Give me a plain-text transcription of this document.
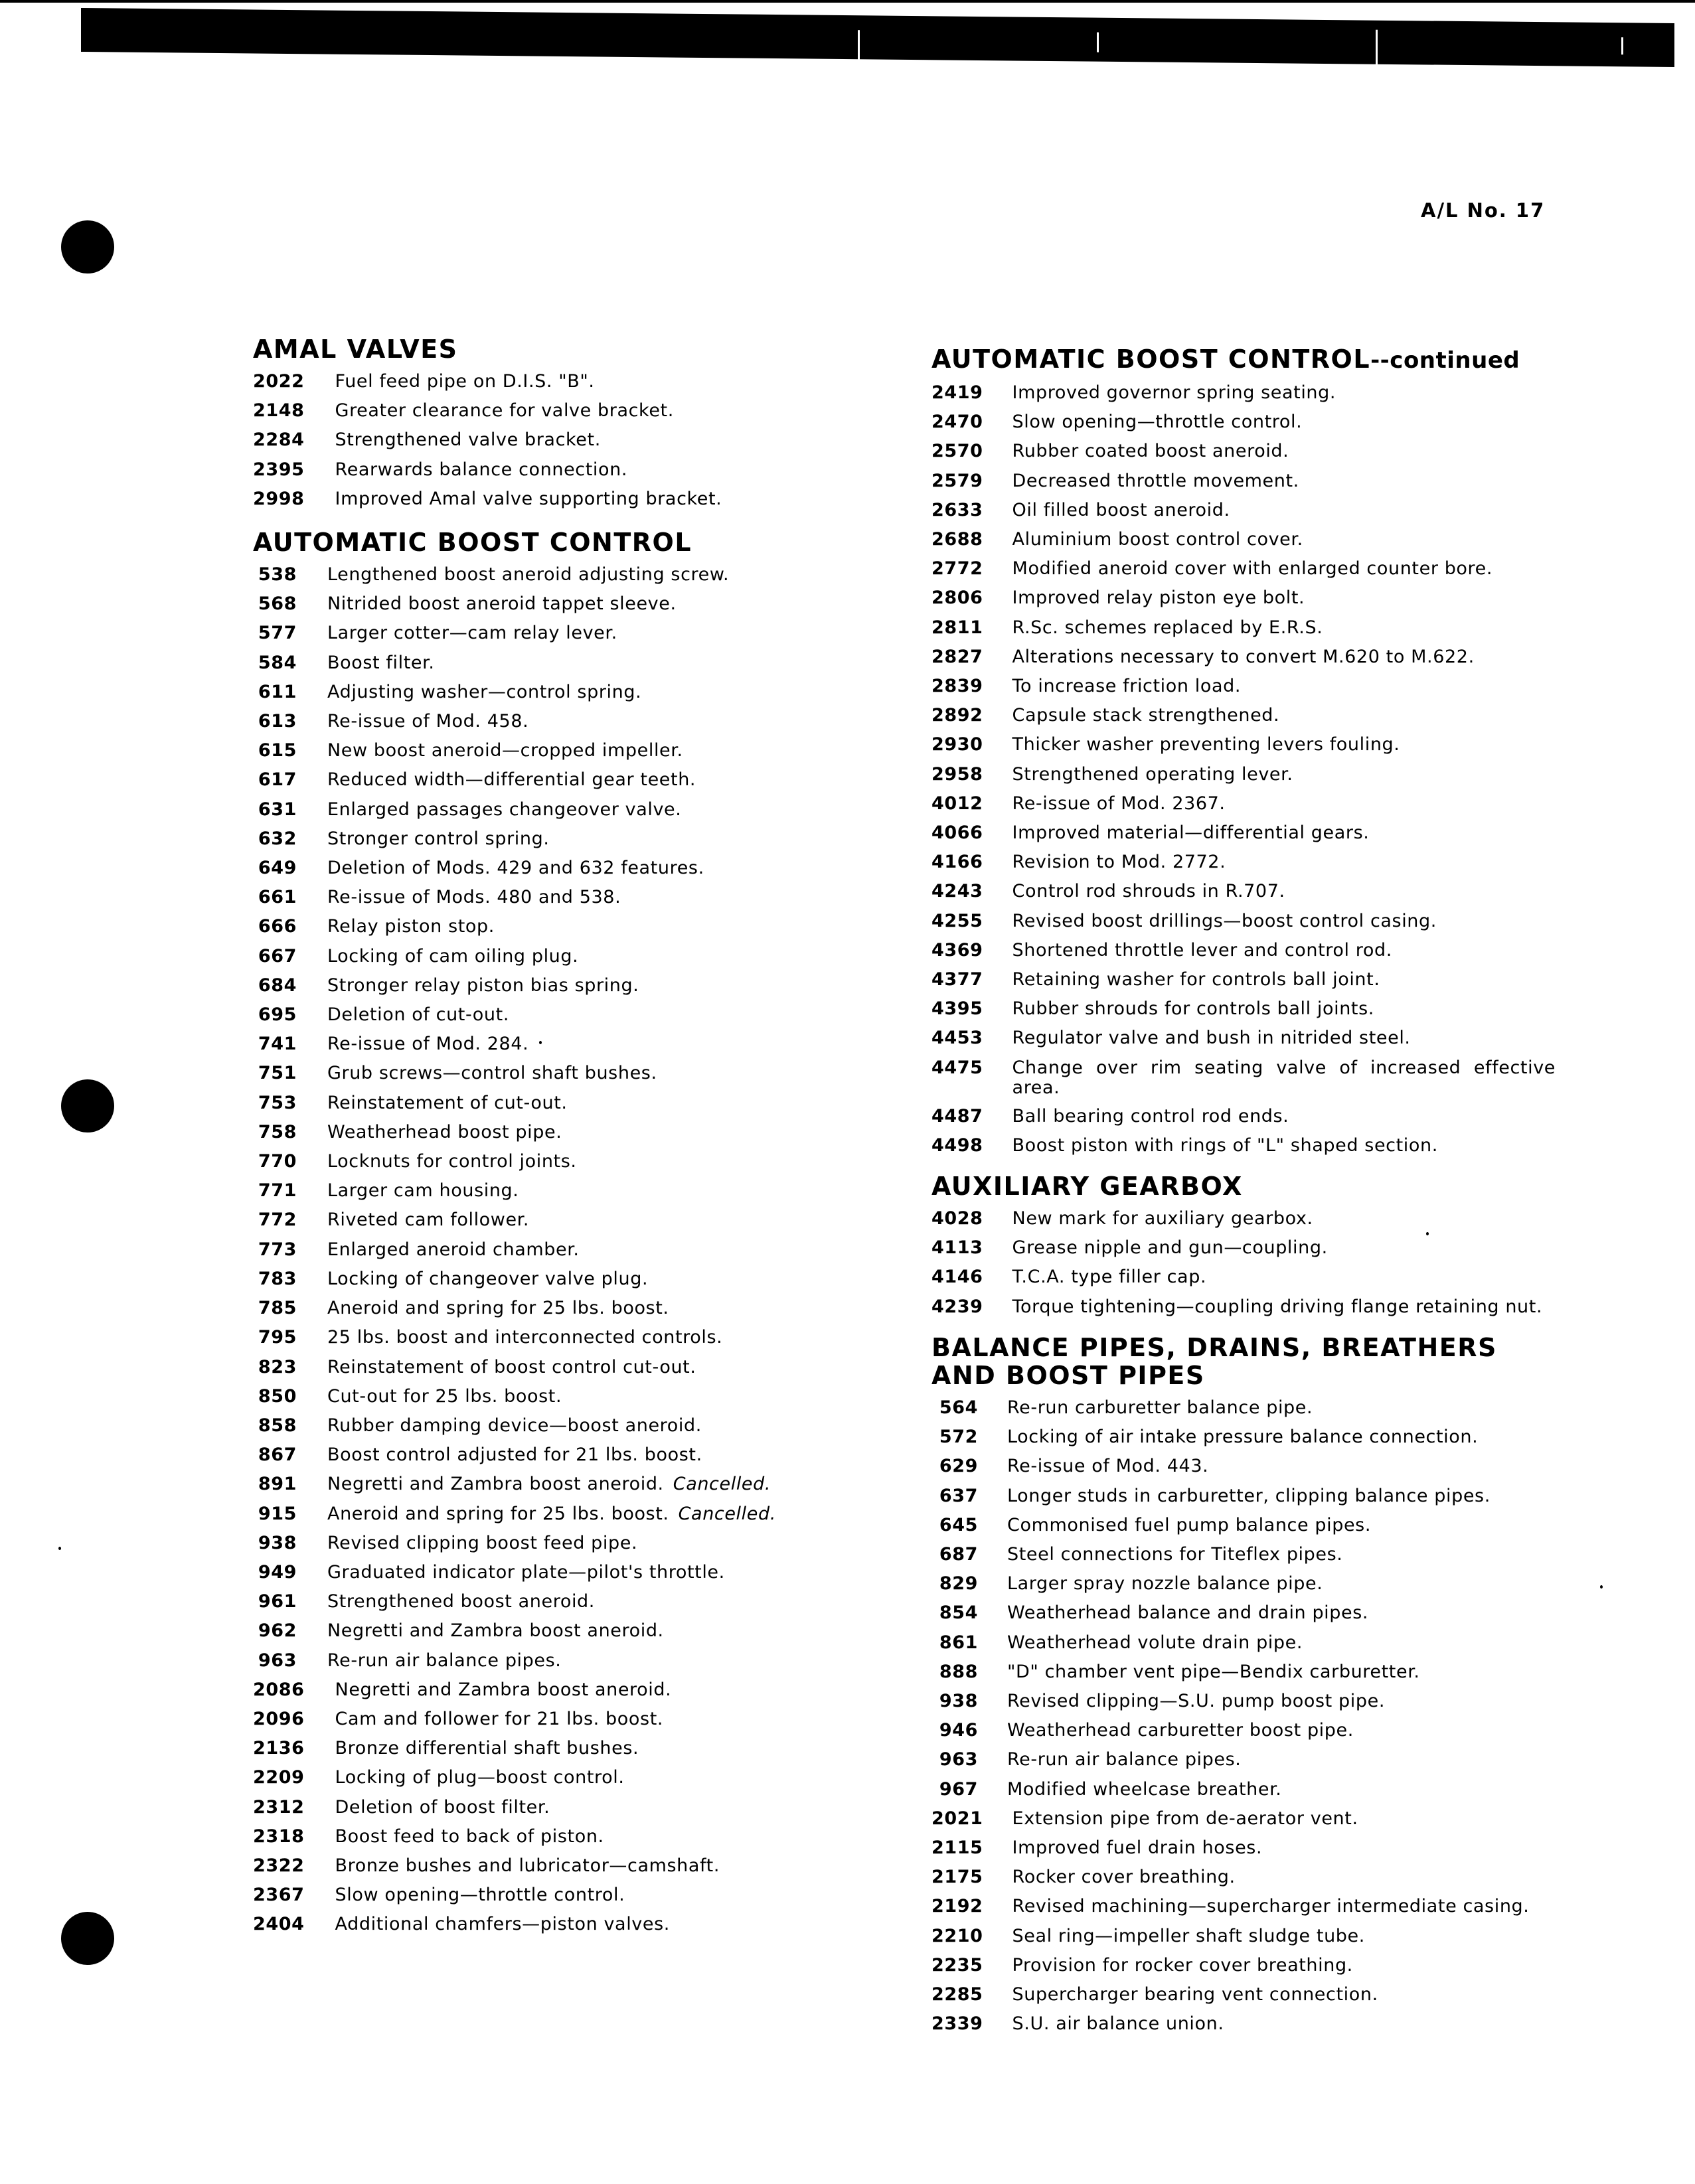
A/L No. 17
AMAL VALVES
2022	Fuel feed pipe on D.I.S. "B".
2148	Greater clearance for valve bracket.
2284	Strengthened valve bracket.
2395	Rearwards balance connection.
2998	Improved Amal valve supporting bracket.
AUTOMATIC BOOST CONTROL
538	Lengthened boost aneroid adjusting screw.
568	Nitrided boost aneroid tappet sleeve.
577	Larger cotter—cam relay lever.
584	Boost filter.
611	Adjusting washer—control spring.
613	Re-issue of Mod. 458.
615	New boost aneroid—cropped impeller.
617	Reduced width—differential gear teeth.
631	Enlarged passages changeover valve.
632	Stronger control spring.
649	Deletion of Mods. 429 and 632 features.
661	Re-issue of Mods. 480 and 538.
666	Relay piston stop.
667	Locking of cam oiling plug.
684	Stronger relay piston bias spring.
695	Deletion of cut-out.
741	Re-issue of Mod. 284.
751	Grub screws—control shaft bushes.
753	Reinstatement of cut-out.
758	Weatherhead boost pipe.
770	Locknuts for control joints.
771	Larger cam housing.
772	Riveted cam follower.
773	Enlarged aneroid chamber.
783	Locking of changeover valve plug.
785	Aneroid and spring for 25 lbs. boost.
795	25 lbs. boost and interconnected controls.
823	Reinstatement of boost control cut-out.
850	Cut-out for 25 lbs. boost.
858	Rubber damping device—boost aneroid.
867	Boost control adjusted for 21 lbs. boost.
891	Negretti and Zambra boost aneroid. Cancelled.
915	Aneroid and spring for 25 lbs. boost. Cancelled.
938	Revised clipping boost feed pipe.
949	Graduated indicator plate—pilot's throttle.
961	Strengthened boost aneroid.
962	Negretti and Zambra boost aneroid.
963	Re-run air balance pipes.
2086	Negretti and Zambra boost aneroid.
2096	Cam and follower for 21 lbs. boost.
2136	Bronze differential shaft bushes.
2209	Locking of plug—boost control.
2312	Deletion of boost filter.
2318	Boost feed to back of piston.
2322	Bronze bushes and lubricator—camshaft.
2367	Slow opening—throttle control.
2404	Additional chamfers—piston valves.
AUTOMATIC BOOST CONTROL--continued
2419	Improved governor spring seating.
2470	Slow opening—throttle control.
2570	Rubber coated boost aneroid.
2579	Decreased throttle movement.
2633	Oil filled boost aneroid.
2688	Aluminium boost control cover.
2772	Modified aneroid cover with enlarged counter bore.
2806	Improved relay piston eye bolt.
2811	R.Sc. schemes replaced by E.R.S.
2827	Alterations necessary to convert M.620 to M.622.
2839	To increase friction load.
2892	Capsule stack strengthened.
2930	Thicker washer preventing levers fouling.
2958	Strengthened operating lever.
4012	Re-issue of Mod. 2367.
4066	Improved material—differential gears.
4166	Revision to Mod. 2772.
4243	Control rod shrouds in R.707.
4255	Revised boost drillings—boost control casing.
4369	Shortened throttle lever and control rod.
4377	Retaining washer for controls ball joint.
4395	Rubber shrouds for controls ball joints.
4453	Regulator valve and bush in nitrided steel.
4475	Change over rim seating valve of increased effective area.
4487	Ball bearing control rod ends.
4498	Boost piston with rings of "L" shaped section.
AUXILIARY GEARBOX
4028	New mark for auxiliary gearbox.
4113	Grease nipple and gun—coupling.
4146	T.C.A. type filler cap.
4239	Torque tightening—coupling driving flange retaining nut.
BALANCE PIPES, DRAINS, BREATHERS AND BOOST PIPES
564	Re-run carburetter balance pipe.
572	Locking of air intake pressure balance connection.
629	Re-issue of Mod. 443.
637	Longer studs in carburetter, clipping balance pipes.
645	Commonised fuel pump balance pipes.
687	Steel connections for Titeflex pipes.
829	Larger spray nozzle balance pipe.
854	Weatherhead balance and drain pipes.
861	Weatherhead volute drain pipe.
888	"D" chamber vent pipe—Bendix carburetter.
938	Revised clipping—S.U. pump boost pipe.
946	Weatherhead carburetter boost pipe.
963	Re-run air balance pipes.
967	Modified wheelcase breather.
2021	Extension pipe from de-aerator vent.
2115	Improved fuel drain hoses.
2175	Rocker cover breathing.
2192	Revised machining—supercharger intermediate casing.
2210	Seal ring—impeller shaft sludge tube.
2235	Provision for rocker cover breathing.
2285	Supercharger bearing vent connection.
2339	S.U. air balance union.
